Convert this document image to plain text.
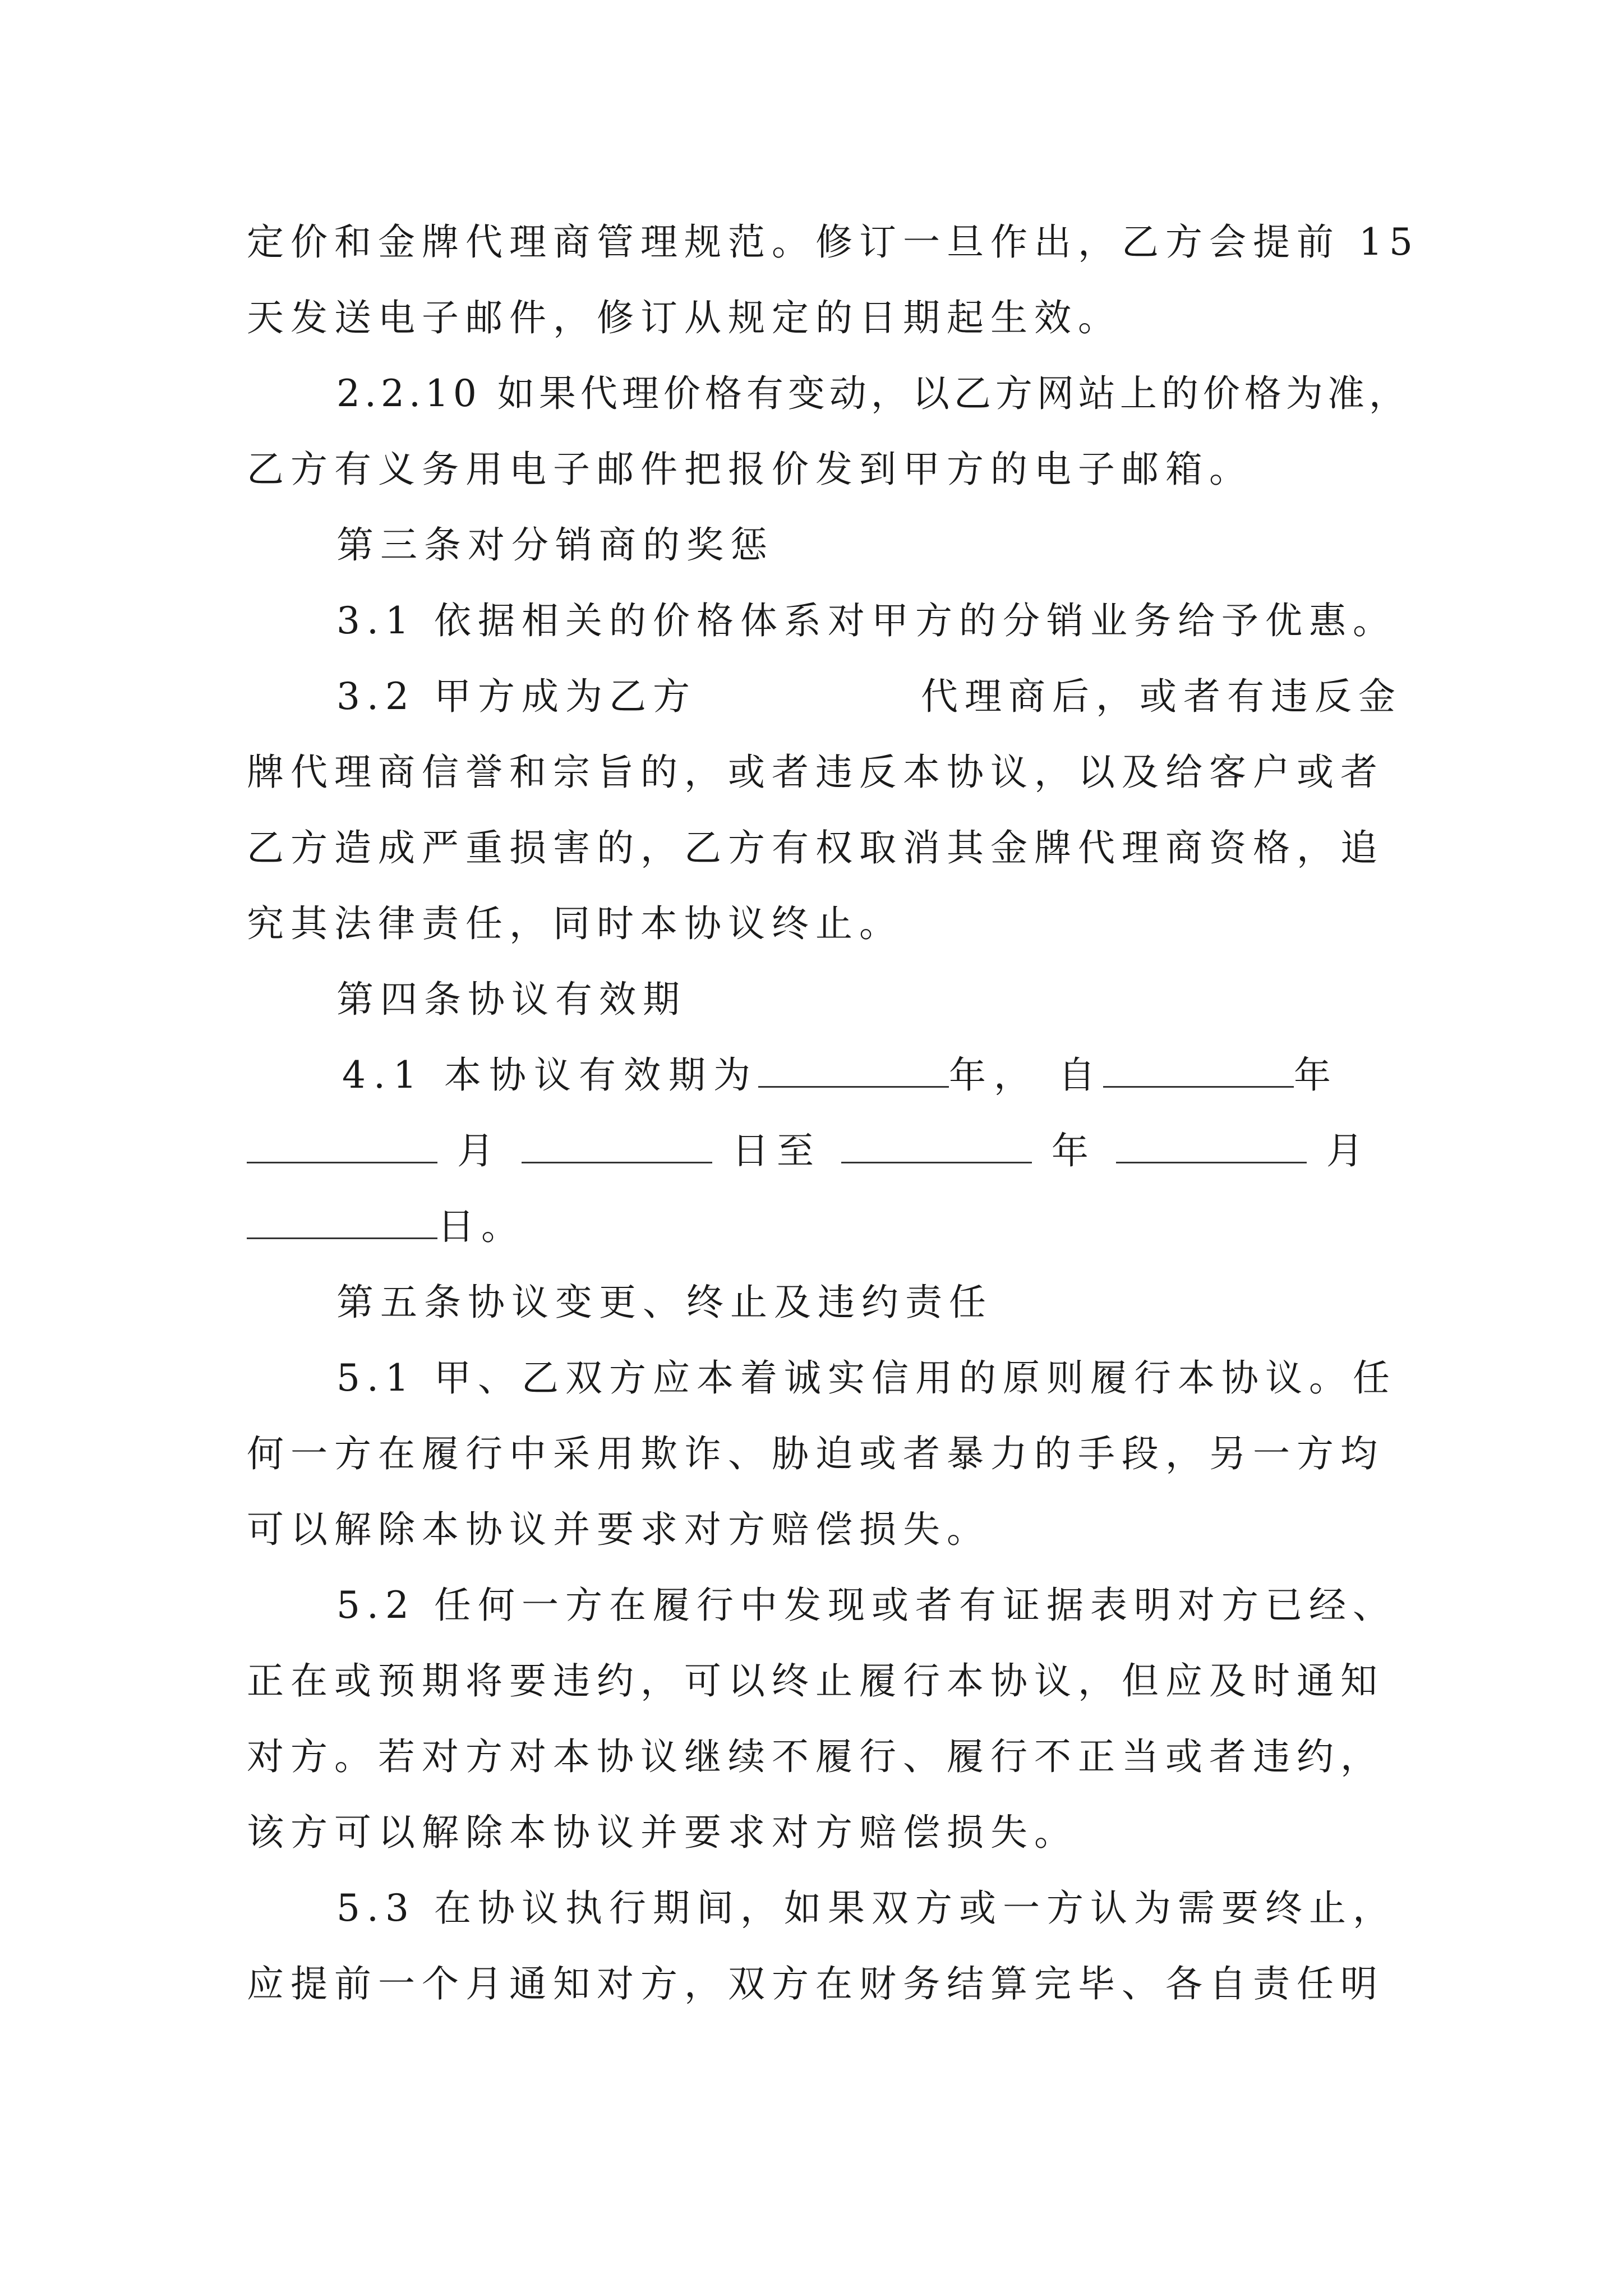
定价和金牌代理商管理规范。修订一旦作出，乙方会提前 15
天发送电子邮件，修订从规定的日期起生效。
2.2.10 如果代理价格有变动，以乙方网站上的价格为准，
乙方有义务用电子邮件把报价发到甲方的电子邮箱。
第三条对分销商的奖惩
3.1 依据相关的价格体系对甲方的分销业务给予优惠。
3.2 甲方成为乙方	代理商后，或者有违反金
牌代理商信誉和宗旨的，或者违反本协议，以及给客户或者
乙方造成严重损害的，乙方有权取消其金牌代理商资格，追
究其法律责任，同时本协议终止。
第四条协议有效期
4.1 本协议有效期为	年， 自	年
月	日至	年	月
日。
第五条协议变更、终止及违约责任
5.1 甲、乙双方应本着诚实信用的原则履行本协议。任
何一方在履行中采用欺诈、胁迫或者暴力的手段，另一方均
可以解除本协议并要求对方赔偿损失。
5.2 任何一方在履行中发现或者有证据表明对方已经、
正在或预期将要违约，可以终止履行本协议，但应及时通知
对方。若对方对本协议继续不履行、履行不正当或者违约，
该方可以解除本协议并要求对方赔偿损失。
5.3 在协议执行期间，如果双方或一方认为需要终止，
应提前一个月通知对方，双方在财务结算完毕、各自责任明
